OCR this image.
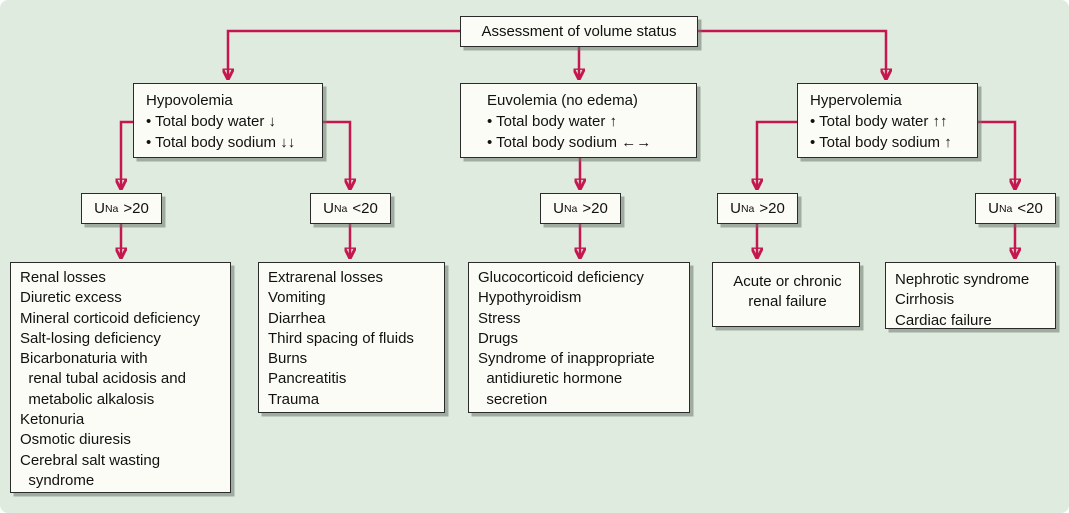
Assessment of volume status
Hypovolemia
• Total body water ↓
• Total body sodium ↓↓
Euvolemia (no edema)
• Total body water ↑
• Total body sodium ←→
Hypervolemia
• Total body water ↑↑
• Total body sodium ↑
U Na >20	U Na <20	U Na >20	U Na >20	U Na <20
Renal losses
Diuretic excess
Mineral corticoid deficiency
Salt-losing deficiency
Bicarbonaturia with
renal tubal acidosis and
metabolic alkalosis
Ketonuria
Osmotic diuresis
Cerebral salt wasting
syndrome
Extrarenal losses
Vomiting
Diarrhea
Third spacing of fluids
Burns
Pancreatitis
Trauma
Glucocorticoid deficiency
Hypothyroidism
Stress
Drugs
Syndrome of inappropriate
antidiuretic hormone
secretion
Acute or chronic
renal failure
Nephrotic syndrome
Cirrhosis
Cardiac failure
